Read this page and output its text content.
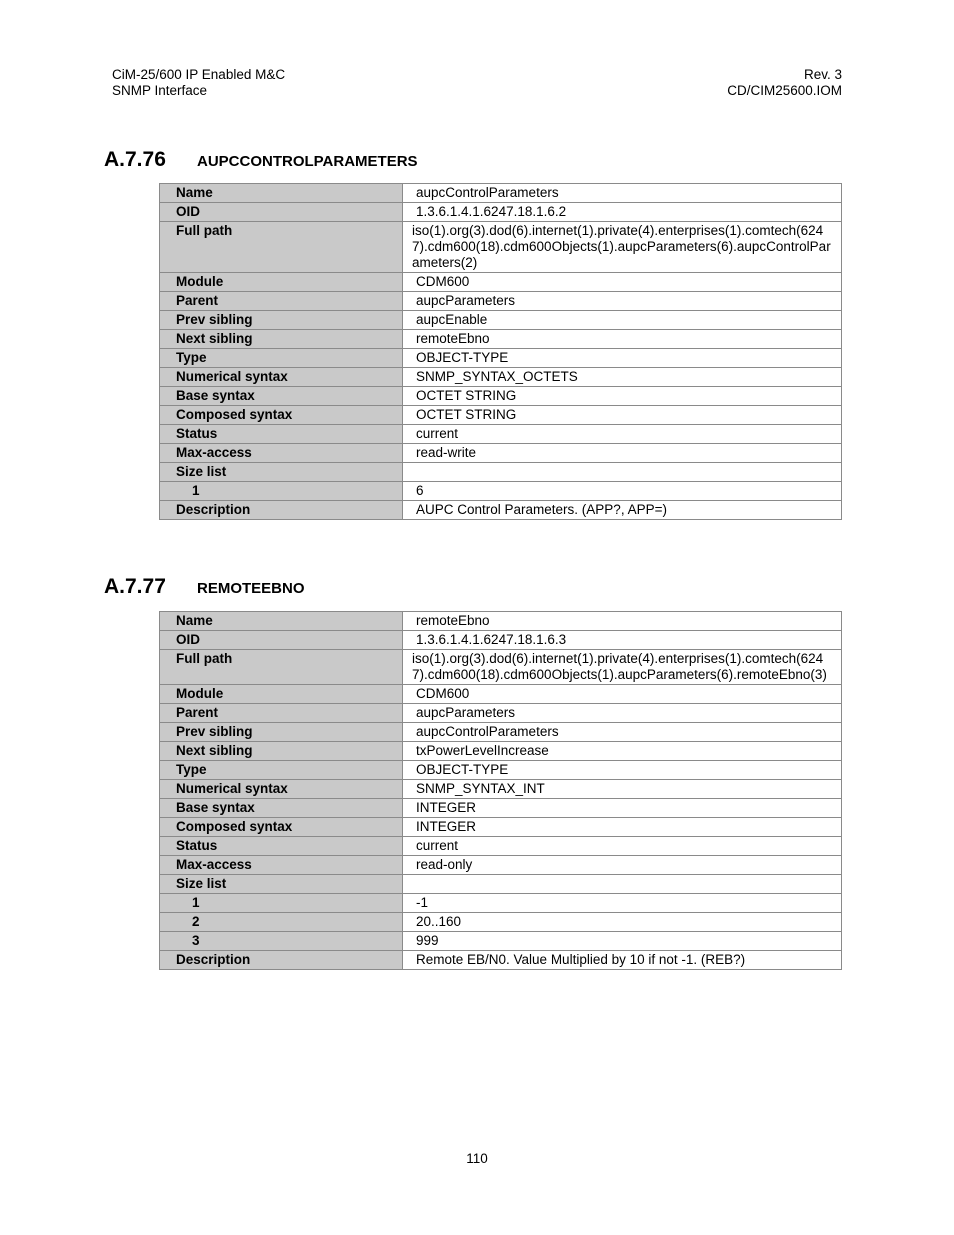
CiM-25/600 IP Enabled M&C
SNMP Interface
Rev. 3
CD/CIM25600.IOM
A.7.76 aupccontrolparameters
Name	aupcControlParameters
OID	1.3.6.1.4.1.6247.18.1.6.2
Full path	iso(1).org(3).dod(6).internet(1).private(4).enterprises(1).comtech(6247).cdm600(18).cdm600Objects(1).aupcParameters(6).aupcControlParameters(2)
Module	CDM600
Parent	aupcParameters
Prev sibling	aupcEnable
Next sibling	remoteEbno
Type	OBJECT-TYPE
Numerical syntax	SNMP_SYNTAX_OCTETS
Base syntax	OCTET STRING
Composed syntax	OCTET STRING
Status	current
Max-access	read-write
Size list	
1	6
Description	AUPC Control Parameters. (APP?, APP=)
A.7.77 remoteebno
Name	remoteEbno
OID	1.3.6.1.4.1.6247.18.1.6.3
Full path	iso(1).org(3).dod(6).internet(1).private(4).enterprises(1).comtech(6247).cdm600(18).cdm600Objects(1).aupcParameters(6).remoteEbno(3)
Module	CDM600
Parent	aupcParameters
Prev sibling	aupcControlParameters
Next sibling	txPowerLevelIncrease
Type	OBJECT-TYPE
Numerical syntax	SNMP_SYNTAX_INT
Base syntax	INTEGER
Composed syntax	INTEGER
Status	current
Max-access	read-only
Size list	
1	-1
2	20..160
3	999
Description	Remote EB/N0. Value Multiplied by 10 if not -1. (REB?)
110
